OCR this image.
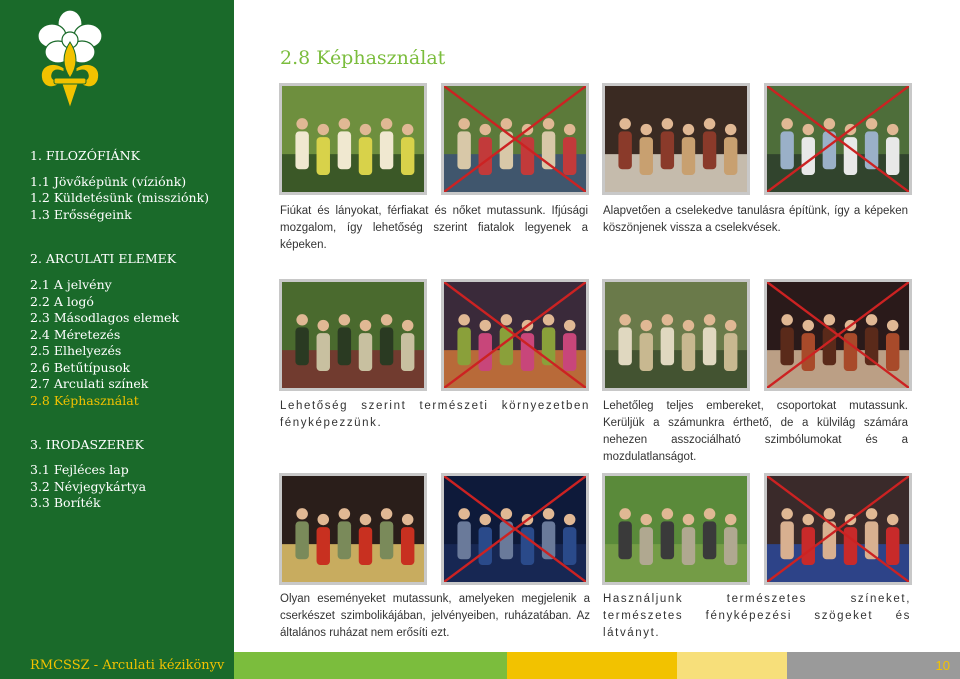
1. FILOZÓFIÁNK
1.1 Jövőképünk (víziónk)
1.2 Küldetésünk (missziónk)
1.3 Erősségeink
2. ARCULATI ELEMEK
2.1 A jelvény
2.2 A logó
2.3 Másodlagos elemek
2.4 Méretezés
2.5 Elhelyezés
2.6 Betűtípusok
2.7 Arculati színek
2.8 Képhasználat
3. IRODASZEREK
3.1 Fejléces lap
3.2 Névjegykártya
3.3 Boríték
2.8 Képhasználat
Fiúkat és lányokat, férfiakat és nőket mutassunk. Ifjúsági mozgalom, így lehetőség szerint fiatalok legyenek a képeken.
Alapvetően a cselekedve tanulásra építünk, így a képeken köszönjenek vissza a cselekvések.
Lehetőség szerint természeti környezetben fényképezzünk.
Lehetőleg teljes embereket, csoportokat mutassunk. Kerüljük a számunkra érthető, de a külvilág számára nehezen asszociálható szimbólumokat és a mozdulatlanságot.
Olyan eseményeket mutassunk, amelyeken megjelenik a cserkészet szimbolikájában, jelvényeiben, ruházatában. Az általános ruházat nem erősíti ezt.
Használjunk természetes színeket, természetes fényképezési szögeket és látványt.
RMCSSZ - Arculati kézikönyv	10
